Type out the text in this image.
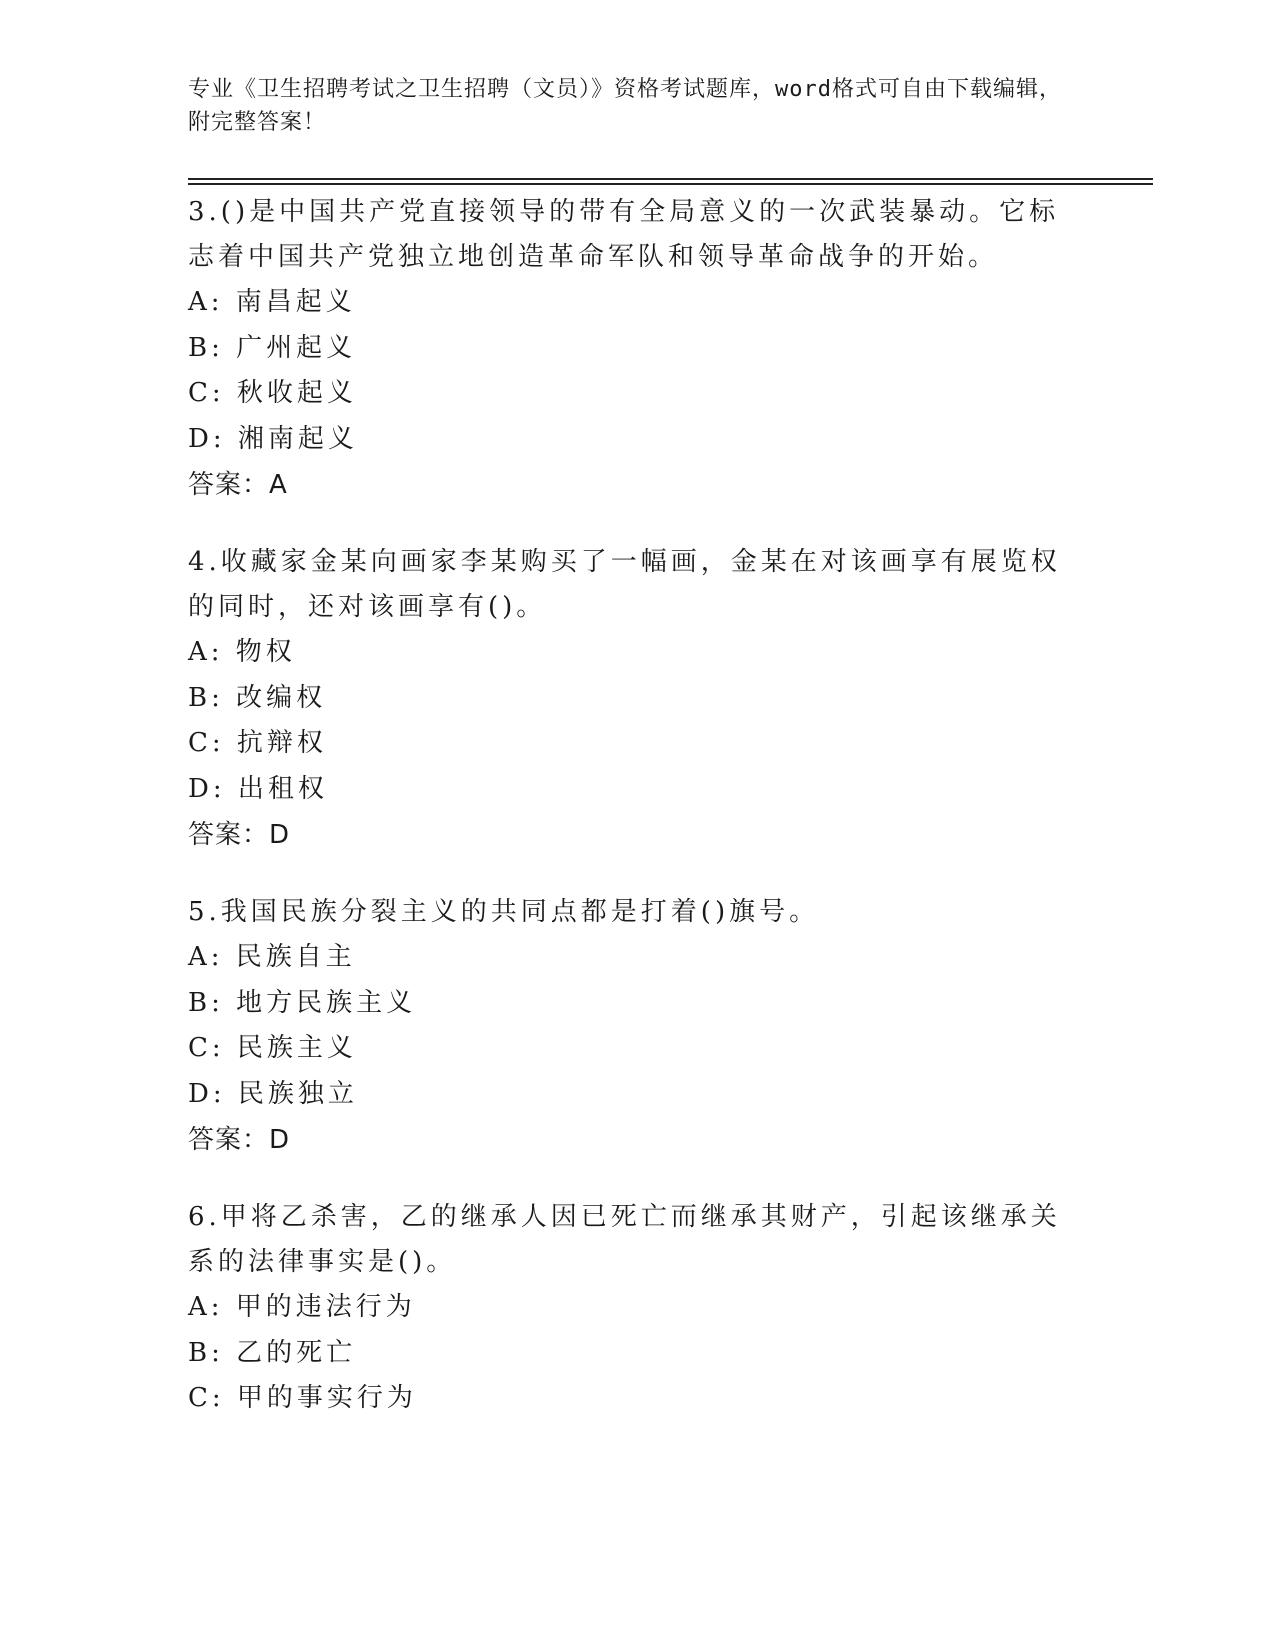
专业《卫生招聘考试之卫生招聘（文员）》资格考试题库，word格式可自由下载编辑，附完整答案！

3.()是中国共产党直接领导的带有全局意义的一次武装暴动。它标志着中国共产党独立地创造革命军队和领导革命战争的开始。

A: 南昌起义

B: 广州起义

C: 秋收起义

D: 湘南起义

答案：A

4.收藏家金某向画家李某购买了一幅画，金某在对该画享有展览权的同时，还对该画享有()。

A: 物权

B: 改编权

C: 抗辩权

D: 出租权

答案：D

5.我国民族分裂主义的共同点都是打着()旗号。

A: 民族自主

B: 地方民族主义

C: 民族主义

D: 民族独立

答案：D

6.甲将乙杀害，乙的继承人因已死亡而继承其财产，引起该继承关系的法律事实是()。

A: 甲的违法行为

B: 乙的死亡

C: 甲的事实行为
